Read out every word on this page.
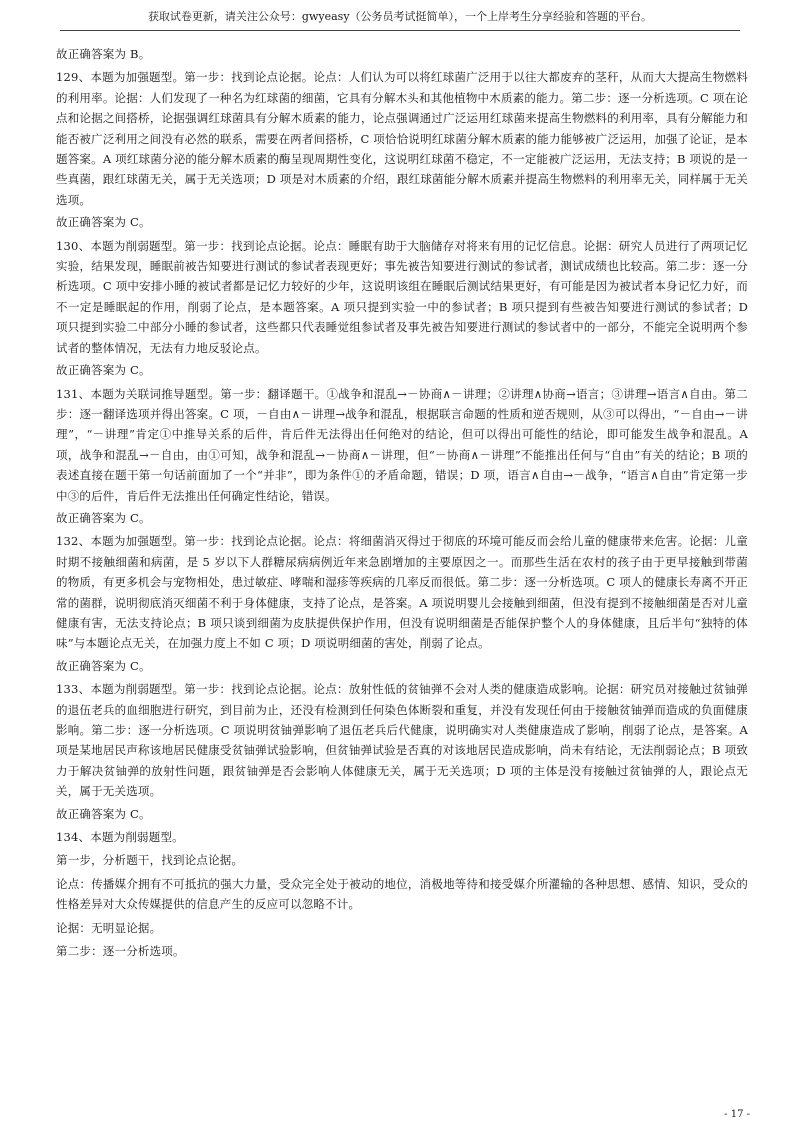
获取试卷更新，请关注公众号：gwyeasy（公务员考试挺简单），一个上岸考生分享经验和答题的平台。

故正确答案为 B。

129、本题为加强题型。第一步：找到论点论据。论点：人们认为可以将红球菌广泛用于以往大都废弃的茎秆，从而大大提高生物燃料的利用率。论据：人们发现了一种名为红球菌的细菌，它具有分解木头和其他植物中木质素的能力。第二步：逐一分析选项。C 项在论点和论据之间搭桥，论据强调红球菌具有分解木质素的能力，论点强调通过广泛运用红球菌来提高生物燃料的利用率，具有分解能力和能否被广泛利用之间没有必然的联系，需要在两者间搭桥，C 项恰恰说明红球菌分解木质素的能力能够被广泛运用，加强了论证，是本题答案。A 项红球菌分泌的能分解木质素的酶呈现周期性变化，这说明红球菌不稳定，不一定能被广泛运用，无法支持；B 项说的是一些真菌，跟红球菌无关，属于无关选项；D 项是对木质素的介绍，跟红球菌能分解木质素并提高生物燃料的利用率无关，同样属于无关选项。

故正确答案为 C。

130、本题为削弱题型。第一步：找到论点论据。论点：睡眠有助于大脑储存对将来有用的记忆信息。论据：研究人员进行了两项记忆实验，结果发现，睡眠前被告知要进行测试的参试者表现更好；事先被告知要进行测试的参试者，测试成绩也比较高。第二步：逐一分析选项。C 项中安排小睡的被试者都是记忆力较好的少年，这说明该组在睡眠后测试结果更好，有可能是因为被试者本身记忆力好，而不一定是睡眠起的作用，削弱了论点，是本题答案。A 项只提到实验一中的参试者；B 项只提到有些被告知要进行测试的参试者；D 项只提到实验二中部分小睡的参试者，这些都只代表睡觉组参试者及事先被告知要进行测试的参试者中的一部分，不能完全说明两个参试者的整体情况，无法有力地反驳论点。

故正确答案为 C。

131、本题为关联词推导题型。第一步：翻译题干。①战争和混乱→－协商∧－讲理；②讲理∧协商→语言；③讲理→语言∧自由。第二步：逐一翻译选项并得出答案。C 项，－自由∧－讲理→战争和混乱，根据联言命题的性质和逆否规则，从③可以得出，“－自由→－讲理”，“－讲理”肯定①中推导关系的后件，肯后件无法得出任何绝对的结论，但可以得出可能性的结论，即可能发生战争和混乱。A 项，战争和混乱→－自由，由①可知，战争和混乱→－协商∧－讲理，但“－协商∧－讲理”不能推出任何与“自由”有关的结论；B 项的表述直接在题干第一句话前面加了一个“并非”，即为条件①的矛盾命题，错误；D 项，语言∧自由→－战争，“语言∧自由”肯定第一步中③的后件，肯后件无法推出任何确定性结论，错误。

故正确答案为 C。

132、本题为加强题型。第一步：找到论点论据。论点：将细菌消灭得过于彻底的环境可能反而会给儿童的健康带来危害。论据：儿童时期不接触细菌和病菌，是 5 岁以下人群糖尿病病例近年来急剧增加的主要原因之一。而那些生活在农村的孩子由于更早接触到带菌的物质，有更多机会与宠物相处，患过敏症、哮喘和湿疹等疾病的几率反而很低。第二步：逐一分析选项。C 项人的健康长寿离不开正常的菌群，说明彻底消灭细菌不利于身体健康，支持了论点，是答案。A 项说明婴儿会接触到细菌，但没有提到不接触细菌是否对儿童健康有害，无法支持论点；B 项只谈到细菌为皮肤提供保护作用，但没有说明细菌是否能保护整个人的身体健康，且后半句“独特的体味”与本题论点无关，在加强力度上不如 C 项；D 项说明细菌的害处，削弱了论点。

故正确答案为 C。

133、本题为削弱题型。第一步：找到论点论据。论点：放射性低的贫铀弹不会对人类的健康造成影响。论据：研究员对接触过贫铀弹的退伍老兵的血细胞进行研究，到目前为止，还没有检测到任何染色体断裂和重复，并没有发现任何由于接触贫铀弹而造成的负面健康影响。第二步：逐一分析选项。C 项说明贫铀弹影响了退伍老兵后代健康，说明确实对人类健康造成了影响，削弱了论点，是答案。A 项是某地居民声称该地居民健康受贫铀弹试验影响，但贫铀弹试验是否真的对该地居民造成影响，尚未有结论，无法削弱论点；B 项致力于解决贫铀弹的放射性问题，跟贫铀弹是否会影响人体健康无关，属于无关选项；D 项的主体是没有接触过贫铀弹的人，跟论点无关，属于无关选项。

故正确答案为 C。

134、本题为削弱题型。

第一步，分析题干，找到论点论据。

论点：传播媒介拥有不可抵抗的强大力量，受众完全处于被动的地位，消极地等待和接受媒介所灌输的各种思想、感情、知识，受众的性格差异对大众传媒提供的信息产生的反应可以忽略不计。

论据：无明显论据。

第二步：逐一分析选项。

- 17 -
